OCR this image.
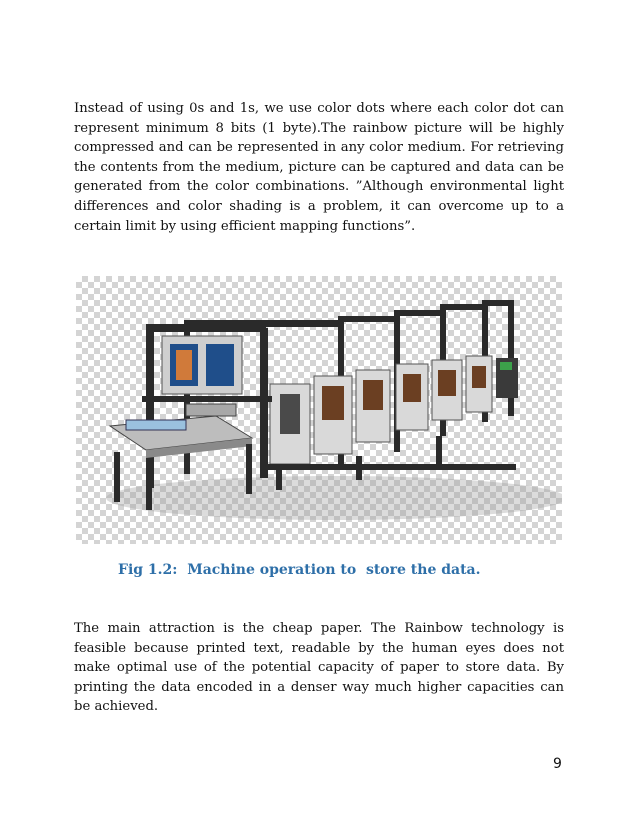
Instead of using 0s and 1s, we use color dots where each color dot can represent minimum 8 bits (1 byte).The rainbow picture will be highly compressed and can be represented in any color medium. For retrieving the contents from the medium, picture can be captured and data can be generated from the color combinations. ”Although environmental light differences and color shading is a problem, it can overcome up to a certain limit by using efficient mapping functions”.

Fig 1.2:  Machine operation to  store the data.

The main attraction is the cheap paper. The Rainbow technology is feasible because printed text, readable by the human eyes does not make optimal use of the potential capacity of paper to store data. By printing the data encoded in a denser way much higher capacities can be achieved.

9
